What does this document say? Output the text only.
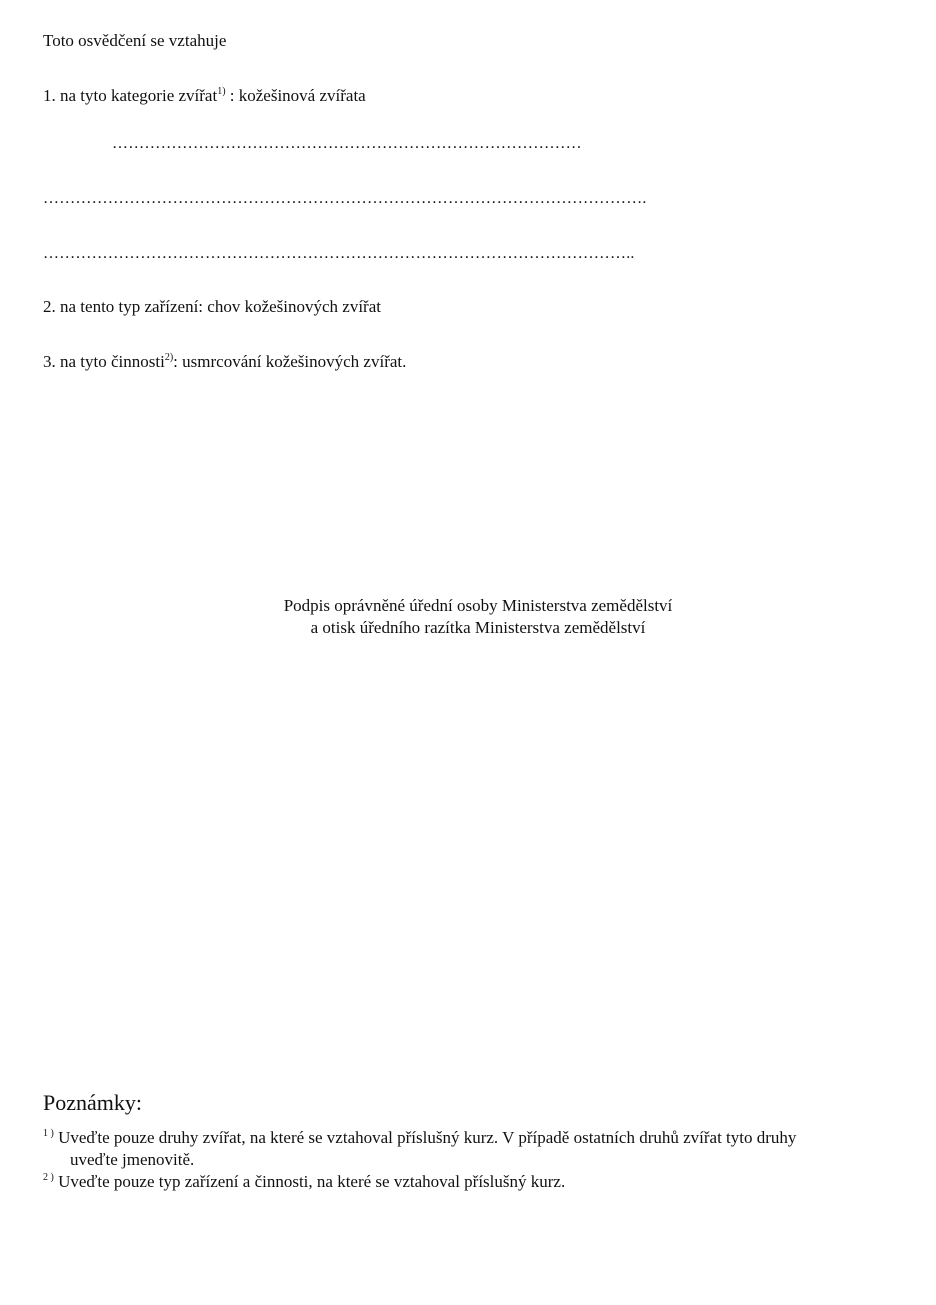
Toto osvědčení se vztahuje
1. na tyto kategorie zvířat$^{1)}$ : kožešinová zvířata
……………………………………………………………………………
………………………………………………………………………………………………….
………………………………………………………………………………………………..
2. na tento typ zařízení: chov kožešinových zvířat
3. na tyto činnosti$^{2)}$: usmrcování kožešinových zvířat.
Podpis oprávněné úřední osoby Ministerstva zemědělství
a otisk úředního razítka Ministerstva zemědělství
Poznámky:
$^{1 )}$ Uveďte pouze druhy zvířat, na které se vztahoval příslušný kurz. V případě ostatních druhů zvířat tyto druhy
uveďte jmenovitě.
$^{2 )}$ Uveďte pouze typ zařízení a činnosti, na které se vztahoval příslušný kurz.
